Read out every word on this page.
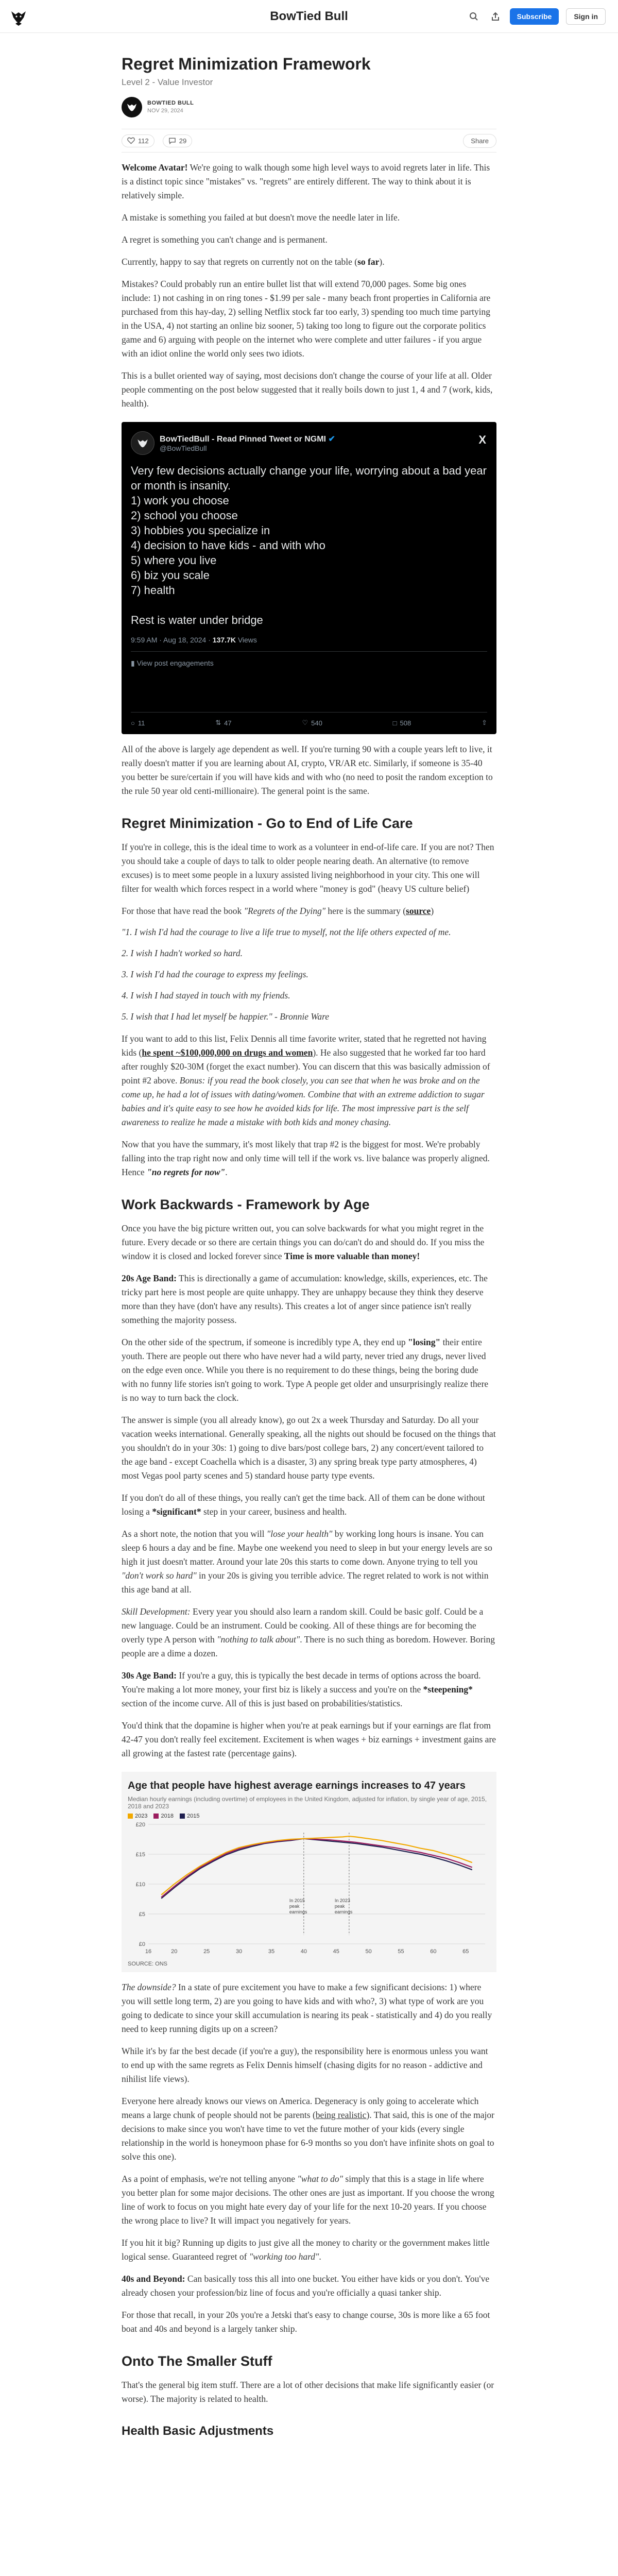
BowTied Bull	Subscribe	Sign in
Regret Minimization Framework
Level 2 - Value Investor
BOWTIED BULL
NOV 29, 2024
112	29	Share

Welcome Avatar! We're going to walk though some high level ways to avoid regrets later in life. This is a distinct topic since "mistakes" vs. "regrets" are entirely different. The way to think about it is relatively simple.

A mistake is something you failed at but doesn't move the needle later in life.

A regret is something you can't change and is permanent.

Currently, happy to say that regrets on currently not on the table (so far).

Mistakes? Could probably run an entire bullet list that will extend 70,000 pages. Some big ones include: 1) not cashing in on ring tones - $1.99 per sale - many beach front properties in California are purchased from this hay-day, 2) selling Netflix stock far too early, 3) spending too much time partying in the USA, 4) not starting an online biz sooner, 5) taking too long to figure out the corporate politics game and 6) arguing with people on the internet who were complete and utter failures - if you argue with an idiot online the world only sees two idiots.

This is a bullet oriented way of saying, most decisions don't change the course of your life at all. Older people commenting on the post below suggested that it really boils down to just 1, 4 and 7 (work, kids, health).

BowTiedBull - Read Pinned Tweet or NGMI ✔
@BowTiedBull
X
Very few decisions actually change your life, worrying about a bad year or month is insanity.
1) work you choose
2) school you choose
3) hobbies you specialize in
4) decision to have kids - and with who
5) where you live
6) biz you scale
7) health
Rest is water under bridge
9:59 AM · Aug 18, 2024 · 137.7K Views
▮ View post engagements
○ 11	⇅ 47	♡ 540	□ 508	⇧

All of the above is largely age dependent as well. If you're turning 90 with a couple years left to live, it really doesn't matter if you are learning about AI, crypto, VR/AR etc. Similarly, if someone is 35-40 you better be sure/certain if you will have kids and with who (no need to posit the random exception to the rule 50 year old centi-millionaire). The general point is the same.

Regret Minimization - Go to End of Life Care

If you're in college, this is the ideal time to work as a volunteer in end-of-life care. If you are not? Then you should take a couple of days to talk to older people nearing death. An alternative (to remove excuses) is to meet some people in a luxury assisted living neighborhood in your city. This one will filter for wealth which forces respect in a world where "money is god" (heavy US culture belief)

For those that have read the book "Regrets of the Dying" here is the summary (source)

"1. I wish I'd had the courage to live a life true to myself, not the life others expected of me.

2. I wish I hadn't worked so hard.

3. I wish I'd had the courage to express my feelings.

4. I wish I had stayed in touch with my friends.

5. I wish that I had let myself be happier." - Bronnie Ware

If you want to add to this list, Felix Dennis all time favorite writer, stated that he regretted not having kids (he spent ~$100,000,000 on drugs and women). He also suggested that he worked far too hard after roughly $20-30M (forget the exact number). You can discern that this was basically admission of point #2 above. Bonus: if you read the book closely, you can see that when he was broke and on the come up, he had a lot of issues with dating/women. Combine that with an extreme addiction to sugar babies and it's quite easy to see how he avoided kids for life. The most impressive part is the self awareness to realize he made a mistake with both kids and money chasing.

Now that you have the summary, it's most likely that trap #2 is the biggest for most. We're probably falling into the trap right now and only time will tell if the work vs. live balance was properly aligned. Hence "no regrets for now".

Work Backwards - Framework by Age

Once you have the big picture written out, you can solve backwards for what you might regret in the future. Every decade or so there are certain things you can do/can't do and should do. If you miss the window it is closed and locked forever since Time is more valuable than money!

20s Age Band: This is directionally a game of accumulation: knowledge, skills, experiences, etc. The tricky part here is most people are quite unhappy. They are unhappy because they think they deserve more than they have (don't have any results). This creates a lot of anger since patience isn't really something the majority possess.

On the other side of the spectrum, if someone is incredibly type A, they end up "losing" their entire youth. There are people out there who have never had a wild party, never tried any drugs, never lived on the edge even once. While you there is no requirement to do these things, being the boring dude with no funny life stories isn't going to work. Type A people get older and unsurprisingly realize there is no way to turn back the clock.

The answer is simple (you all already know), go out 2x a week Thursday and Saturday. Do all your vacation weeks international. Generally speaking, all the nights out should be focused on the things that you shouldn't do in your 30s: 1) going to dive bars/post college bars, 2) any concert/event tailored to the age band - except Coachella which is a disaster, 3) any spring break type party atmospheres, 4) most Vegas pool party scenes and 5) standard house party type events.

If you don't do all of these things, you really can't get the time back. All of them can be done without losing a *significant* step in your career, business and health.

As a short note, the notion that you will "lose your health" by working long hours is insane. You can sleep 6 hours a day and be fine. Maybe one weekend you need to sleep in but your energy levels are so high it just doesn't matter. Around your late 20s this starts to come down. Anyone trying to tell you "don't work so hard" in your 20s is giving you terrible advice. The regret related to work is not within this age band at all.

Skill Development: Every year you should also learn a random skill. Could be basic golf. Could be a new language. Could be an instrument. Could be cooking. All of these things are for becoming the overly type A person with "nothing to talk about". There is no such thing as boredom. However. Boring people are a dime a dozen.

30s Age Band: If you're a guy, this is typically the best decade in terms of options across the board. You're making a lot more money, your first biz is likely a success and you're on the *steepening* section of the income curve. All of this is just based on probabilities/statistics.

You'd think that the dopamine is higher when you're at peak earnings but if your earnings are flat from 42-47 you don't really feel excitement. Excitement is when wages + biz earnings + investment gains are all growing at the fastest rate (percentage gains).

Age that people have highest average earnings increases to 47 years
Median hourly earnings (including overtime) of employees in the United Kingdom, adjusted for inflation, by single year of age, 2015, 2018 and 2023
2023 2018 2015
£0
£5
£10
£15
£20
16	20	25	30	35	40	45	50	55	60	65
In 2015
peak
earnings
In 2023
peak
earnings
SOURCE: ONS

The downside? In a state of pure excitement you have to make a few significant decisions: 1) where you will settle long term, 2) are you going to have kids and with who?, 3) what type of work are you going to dedicate to since your skill accumulation is nearing its peak - statistically and 4) do you really need to keep running digits up on a screen?

While it's by far the best decade (if you're a guy), the responsibility here is enormous unless you want to end up with the same regrets as Felix Dennis himself (chasing digits for no reason - addictive and nihilist life views).

Everyone here already knows our views on America. Degeneracy is only going to accelerate which means a large chunk of people should not be parents (being realistic). That said, this is one of the major decisions to make since you won't have time to vet the future mother of your kids (every single relationship in the world is honeymoon phase for 6-9 months so you don't have infinite shots on goal to solve this one).

As a point of emphasis, we're not telling anyone "what to do" simply that this is a stage in life where you better plan for some major decisions. The other ones are just as important. If you choose the wrong line of work to focus on you might hate every day of your life for the next 10-20 years. If you choose the wrong place to live? It will impact you negatively for years.

If you hit it big? Running up digits to just give all the money to charity or the government makes little logical sense. Guaranteed regret of "working too hard".

40s and Beyond: Can basically toss this all into one bucket. You either have kids or you don't. You've already chosen your profession/biz line of focus and you're officially a quasi tanker ship.

For those that recall, in your 20s you're a Jetski that's easy to change course, 30s is more like a 65 foot boat and 40s and beyond is a largely tanker ship.

Onto The Smaller Stuff

That's the general big item stuff. There are a lot of other decisions that make life significantly easier (or worse). The majority is related to health.

Health Basic Adjustments
